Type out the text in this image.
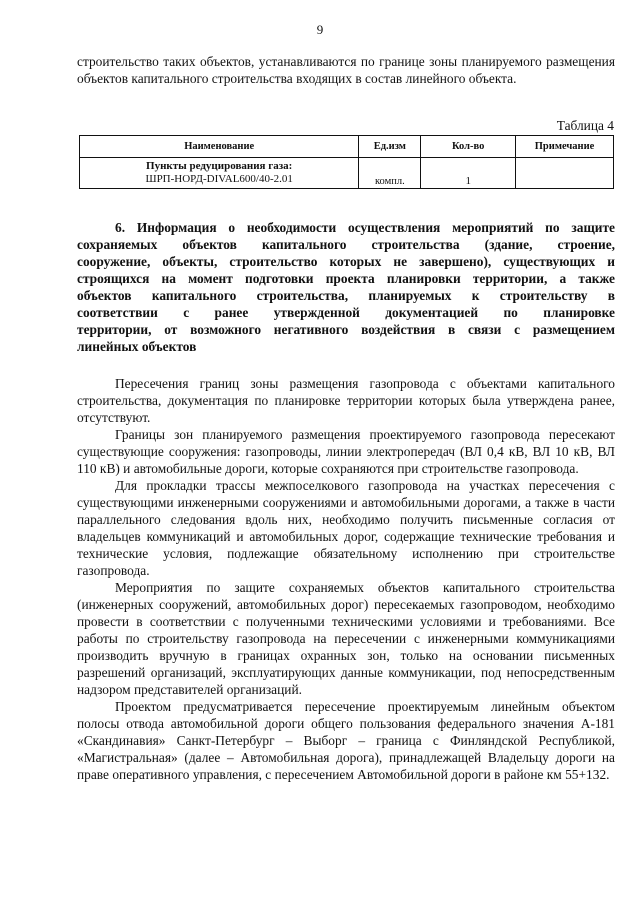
9

строительство таких объектов, устанавливаются по границе зоны планируемого размещения объектов капитального строительства входящих в состав линейного объекта.

Таблица 4
Наименование	Ед.изм	Кол-во	Примечание

Пункты редуцирования газа:
ШРП-НОРД-DIVAL600/40-2.01	компл.	1	
6. Информация о необходимости осуществления мероприятий по защите
сохраняемых объектов капитального строительства (здание, строение,
сооружение, объекты, строительство которых не завершено), существующих и
строящихся на момент подготовки проекта планировки территории, а также
объектов капитального строительства, планируемых к строительству в
соответствии с ранее утвержденной документацией по планировке
территории, от возможного негативного воздействия в связи с размещением
линейных объектов

Пересечения границ зоны размещения газопровода с объектами капитального строительства, документация по планировке территории которых была утверждена ранее, отсутствуют.

Границы зон планируемого размещения проектируемого газопровода пересекают существующие сооружения: газопроводы, линии электропередач (ВЛ 0,4 кВ, ВЛ 10 кВ, ВЛ 110 кВ) и автомобильные дороги, которые сохраняются при строительстве газопровода.

Для прокладки трассы межпоселкового газопровода на участках пересечения с существующими инженерными сооружениями и автомобильными дорогами, а также в части параллельного следования вдоль них, необходимо получить письменные согласия от владельцев коммуникаций и автомобильных дорог, содержащие технические требования и технические условия, подлежащие обязательному исполнению при строительстве газопровода.

Мероприятия по защите сохраняемых объектов капитального строительства (инженерных сооружений, автомобильных дорог) пересекаемых газопроводом, необходимо провести в соответствии с полученными техническими условиями и требованиями. Все работы по строительству газопровода на пересечении с инженерными коммуникациями производить вручную в границах охранных зон, только на основании письменных разрешений организаций, эксплуатирующих данные коммуникации, под непосредственным надзором представителей организаций.

Проектом предусматривается пересечение проектируемым линейным объектом полосы отвода автомобильной дороги общего пользования федерального значения А-181 «Скандинавия» Санкт-Петербург – Выборг – граница с Финляндской Республикой, «Магистральная» (далее – Автомобильная дорога), принадлежащей Владельцу дороги на праве оперативного управления, с пересечением Автомобильной дороги в районе км 55+132.
